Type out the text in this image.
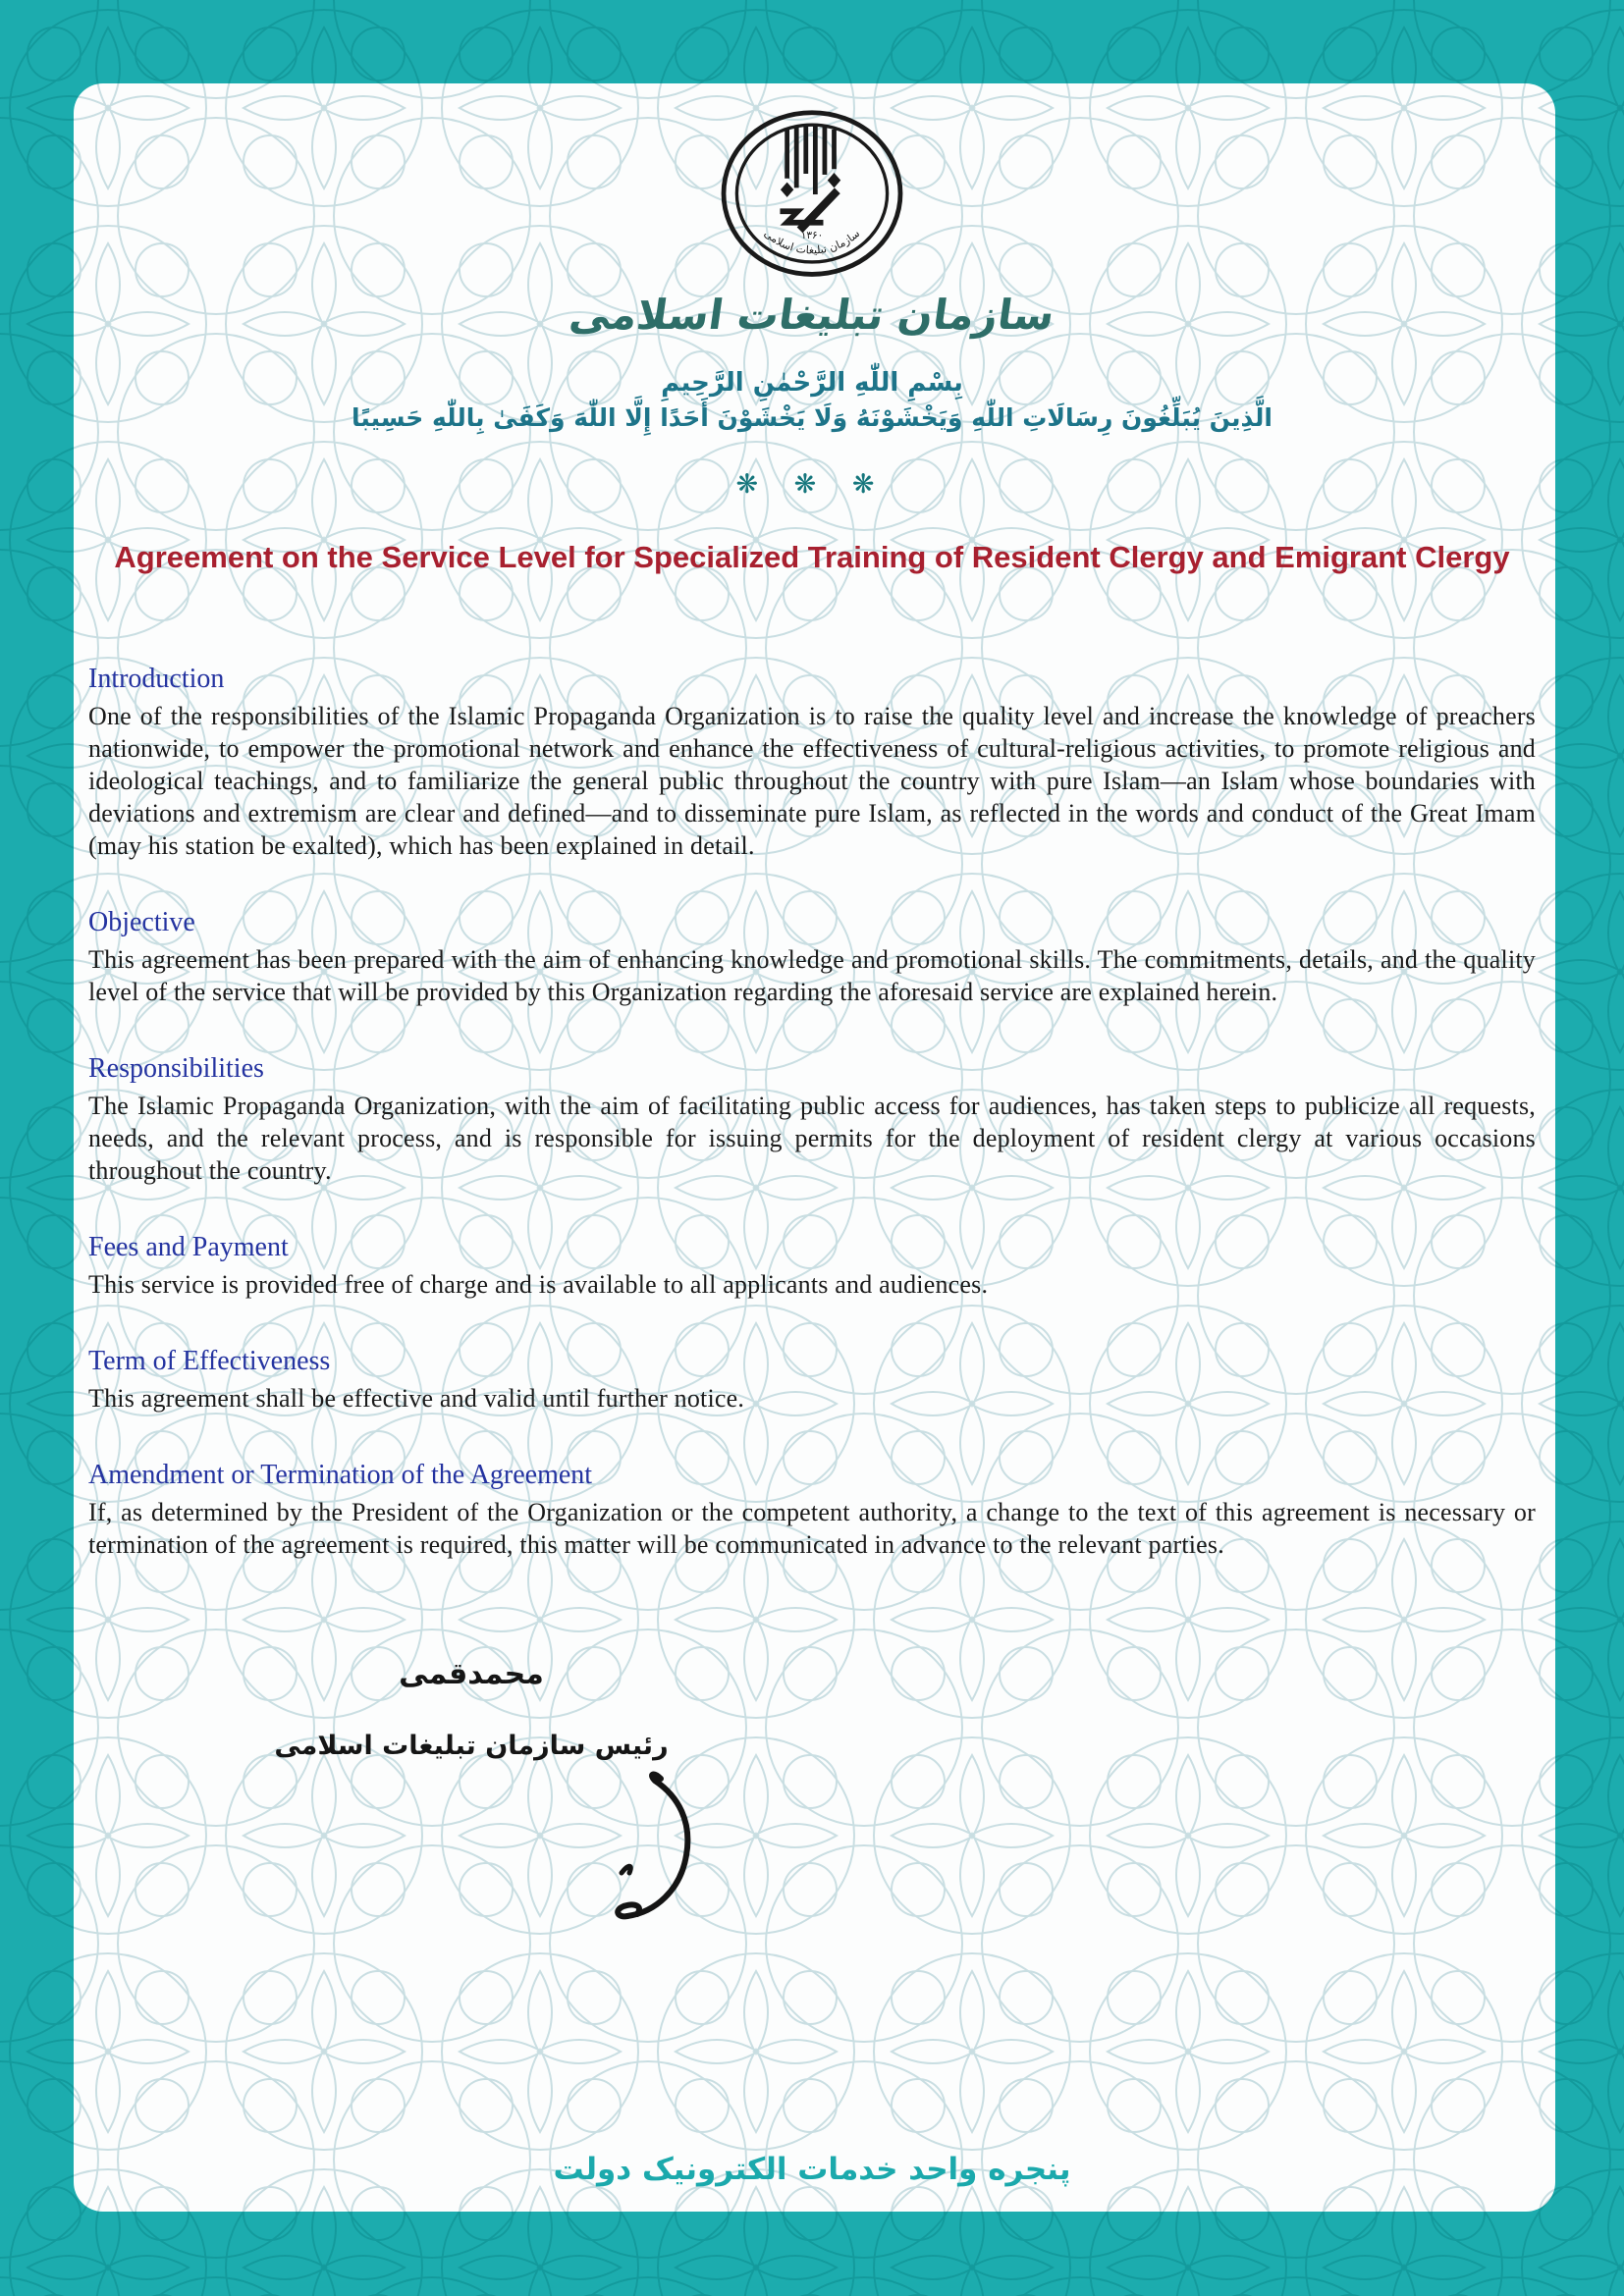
۱۳۶۰
سازمان تبلیغات اسلامی
سازمان تبلیغات اسلامی
بِسْمِ اللّٰهِ الرَّحْمٰنِ الرَّحِيمِ
الَّذِينَ يُبَلِّغُونَ رِسَالَاتِ اللّٰهِ وَيَخْشَوْنَهُ وَلَا يَخْشَوْنَ أَحَدًا إِلَّا اللّٰهَ وَكَفَىٰ بِاللّٰهِ حَسِيبًا
❋ ❋ ❋
Agreement on the Service Level for Specialized Training of Resident Clergy and Emigrant Clergy
Introduction

One of the responsibilities of the Islamic Propaganda Organization is to raise the quality level and increase the knowledge of preachers nationwide, to empower the promotional network and enhance the effectiveness of cultural-religious activities, to promote religious and ideological teachings, and to familiarize the general public throughout the country with pure Islam—an Islam whose boundaries with deviations and extremism are clear and defined—and to disseminate pure Islam, as reflected in the words and conduct of the Great Imam (may his station be exalted), which has been explained in detail.

Objective

This agreement has been prepared with the aim of enhancing knowledge and promotional skills. The commitments, details, and the quality level of the service that will be provided by this Organization regarding the aforesaid service are explained herein.

Responsibilities

The Islamic Propaganda Organization, with the aim of facilitating public access for audiences, has taken steps to publicize all requests, needs, and the relevant process, and is responsible for issuing permits for the deployment of resident clergy at various occasions throughout the country.

Fees and Payment

This service is provided free of charge and is available to all applicants and audiences.

Term of Effectiveness

This agreement shall be effective and valid until further notice.

Amendment or Termination of the Agreement

If, as determined by the President of the Organization or the competent authority, a change to the text of this agreement is necessary or termination of the agreement is required, this matter will be communicated in advance to the relevant parties.

محمدقمی
رئیس سازمان تبلیغات اسلامی
پنجره واحد خدمات الکترونیک دولت
